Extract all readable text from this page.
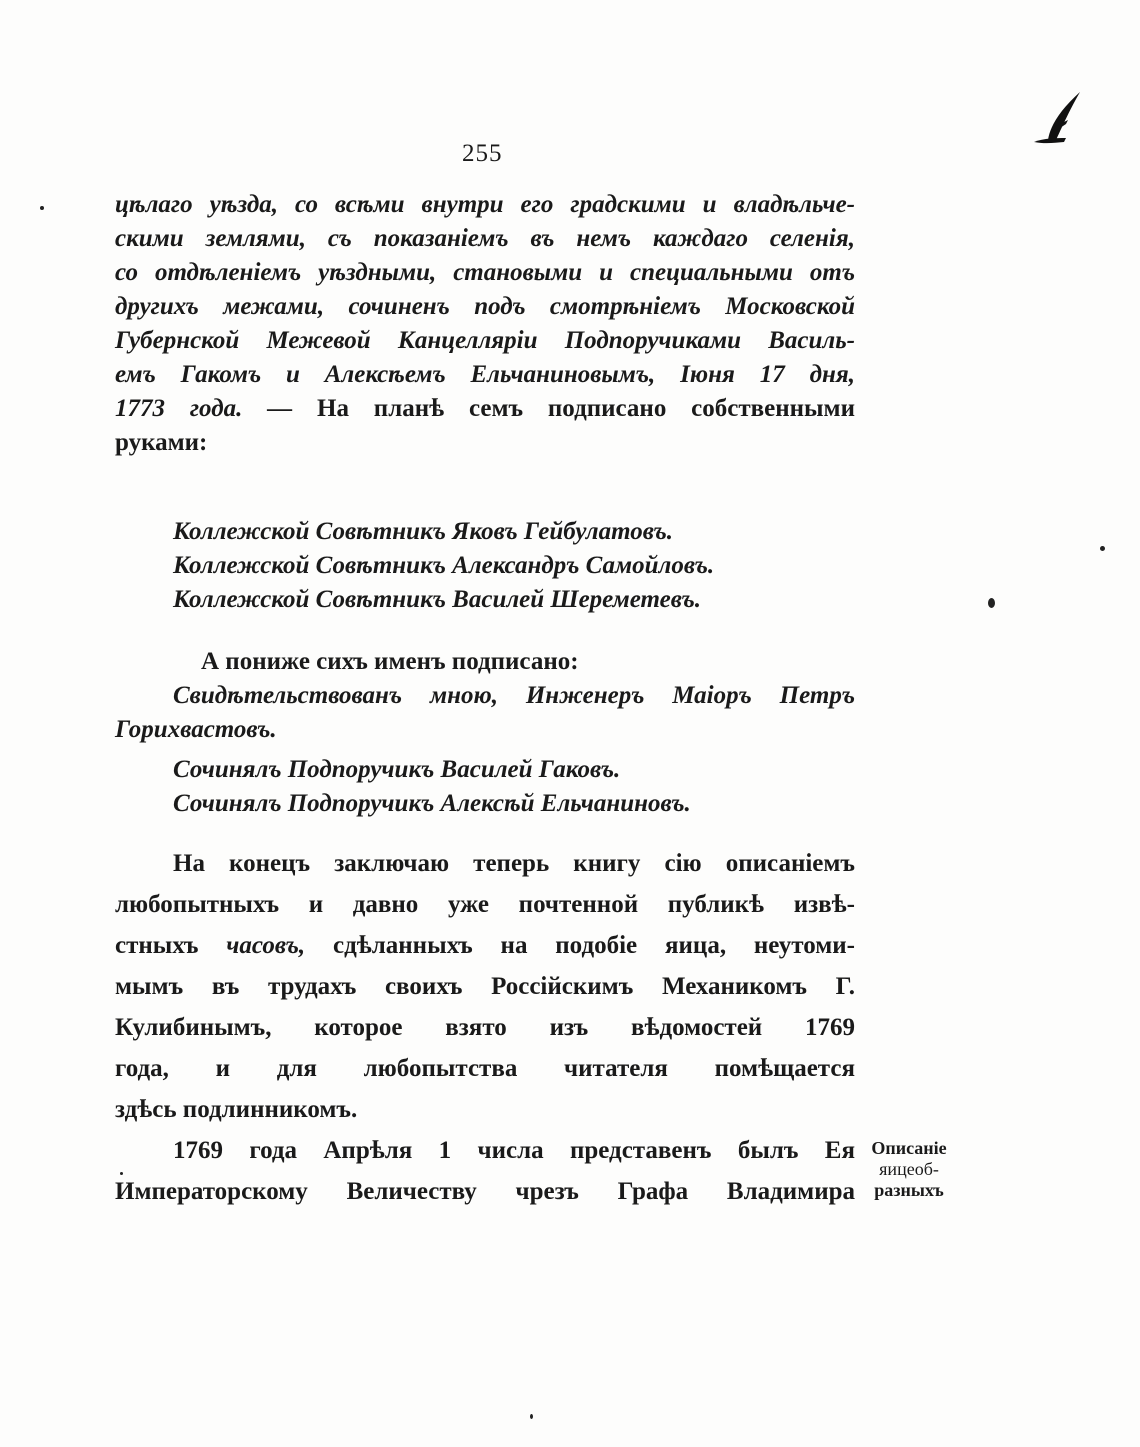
255
цѣлаго уѣзда, со всѣми внутри его градскими и владѣльче-
скими землями, съ показаніемъ въ немъ каждаго селенія,
со отдѣленіемъ уѣздными, становыми и специальными отъ
другихъ межами, сочиненъ подъ смотрѣніемъ Московской
Губернской Межевой Канцелляріи Подпоручиками Василь-
емъ Гакомъ и Алексѣемъ Ельчаниновымъ, Іюня 17 дня,
1773 года. — На планѣ семъ подписано собственными
руками:
Коллежской Совѣтникъ Яковъ Гейбулатовъ.
Коллежской Совѣтникъ Александръ Самойловъ.
Коллежской Совѣтникъ Василей Шереметевъ.
А пониже сихъ именъ подписано:
Свидѣтельствованъ мною, Инженеръ Маіоръ Петръ
Горихвастовъ.
Сочинялъ Подпоручикъ Василей Гаковъ.
Сочинялъ Подпоручикъ Алексѣй Ельчаниновъ.
На конецъ заключаю теперь книгу сію описаніемъ
любопытныхъ и давно уже почтенной публикѣ извѣ-
стныхъ часовъ, сдѣланныхъ на подобіе яица, неутоми-
мымъ въ трудахъ своихъ Россійскимъ Механикомъ Г.
Кулибинымъ, которое взято изъ вѣдомостей 1769
года, и для любопытства читателя помѣщается
здѣсь подлинникомъ.
1769 года Апрѣля 1 числа представенъ былъ Ея
Императорскому Величеству чрезъ Графа Владимира
Описаніе
яицеоб-
разныхъ
